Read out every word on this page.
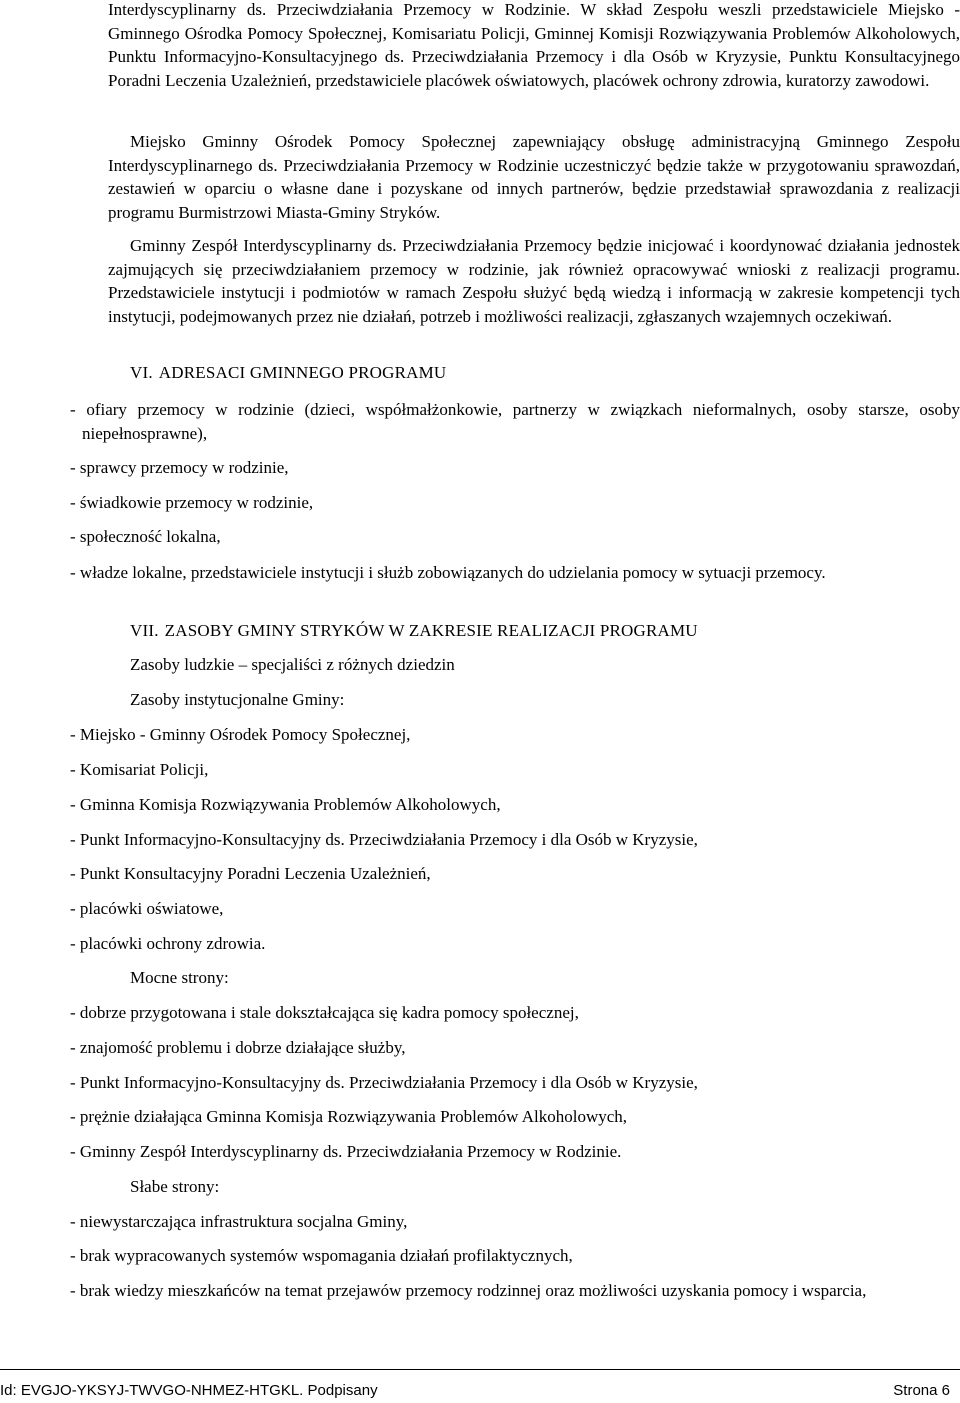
Interdyscyplinarny ds. Przeciwdziałania Przemocy w Rodzinie. W skład Zespołu weszli przedstawiciele Miejsko - Gminnego Ośrodka Pomocy Społecznej, Komisariatu Policji, Gminnej Komisji Rozwiązywania Problemów Alkoholowych, Punktu Informacyjno-Konsultacyjnego ds. Przeciwdziałania Przemocy i dla Osób w Kryzysie, Punktu Konsultacyjnego Poradni Leczenia Uzależnień, przedstawiciele placówek oświatowych, placówek ochrony zdrowia, kuratorzy zawodowi.
Miejsko Gminny Ośrodek Pomocy Społecznej zapewniający obsługę administracyjną Gminnego Zespołu Interdyscyplinarnego ds. Przeciwdziałania Przemocy w Rodzinie uczestniczyć będzie także w przygotowaniu sprawozdań, zestawień w oparciu o własne dane i pozyskane od innych partnerów, będzie przedstawiał sprawozdania z realizacji programu Burmistrzowi Miasta-Gminy Stryków.
Gminny Zespół Interdyscyplinarny ds. Przeciwdziałania Przemocy będzie inicjować i koordynować działania jednostek zajmujących się przeciwdziałaniem przemocy w rodzinie, jak również opracowywać wnioski z realizacji programu. Przedstawiciele instytucji i podmiotów w ramach Zespołu służyć będą wiedzą i informacją w zakresie kompetencji tych instytucji, podejmowanych przez nie działań, potrzeb i możliwości realizacji, zgłaszanych wzajemnych oczekiwań.
VI. ADRESACI GMINNEGO PROGRAMU
- ofiary przemocy w rodzinie (dzieci, współmałżonkowie, partnerzy w związkach nieformalnych, osoby starsze, osoby niepełnosprawne),
- sprawcy przemocy w rodzinie,
- świadkowie przemocy w rodzinie,
- społeczność lokalna,
- władze lokalne, przedstawiciele instytucji i służb zobowiązanych do udzielania pomocy w sytuacji przemocy.
VII. ZASOBY GMINY STRYKÓW W ZAKRESIE REALIZACJI PROGRAMU
Zasoby ludzkie – specjaliści z różnych dziedzin
Zasoby instytucjonalne Gminy:
- Miejsko - Gminny Ośrodek Pomocy Społecznej,
- Komisariat Policji,
- Gminna Komisja Rozwiązywania Problemów Alkoholowych,
- Punkt Informacyjno-Konsultacyjny ds. Przeciwdziałania Przemocy i dla Osób w Kryzysie,
- Punkt Konsultacyjny Poradni Leczenia Uzależnień,
- placówki oświatowe,
- placówki ochrony zdrowia.
Mocne strony:
- dobrze przygotowana i stale dokształcająca się kadra pomocy społecznej,
- znajomość problemu i dobrze działające służby,
- Punkt Informacyjno-Konsultacyjny ds. Przeciwdziałania Przemocy i dla Osób w Kryzysie,
- prężnie działająca Gminna Komisja Rozwiązywania Problemów Alkoholowych,
- Gminny Zespół Interdyscyplinarny ds. Przeciwdziałania Przemocy w Rodzinie.
Słabe strony:
- niewystarczająca infrastruktura socjalna Gminy,
- brak wypracowanych systemów wspomagania działań profilaktycznych,
- brak wiedzy mieszkańców na temat przejawów przemocy rodzinnej oraz możliwości uzyskania pomocy i wsparcia,
Id: EVGJO-YKSYJ-TWVGO-NHMEZ-HTGKL. Podpisany	Strona 6
